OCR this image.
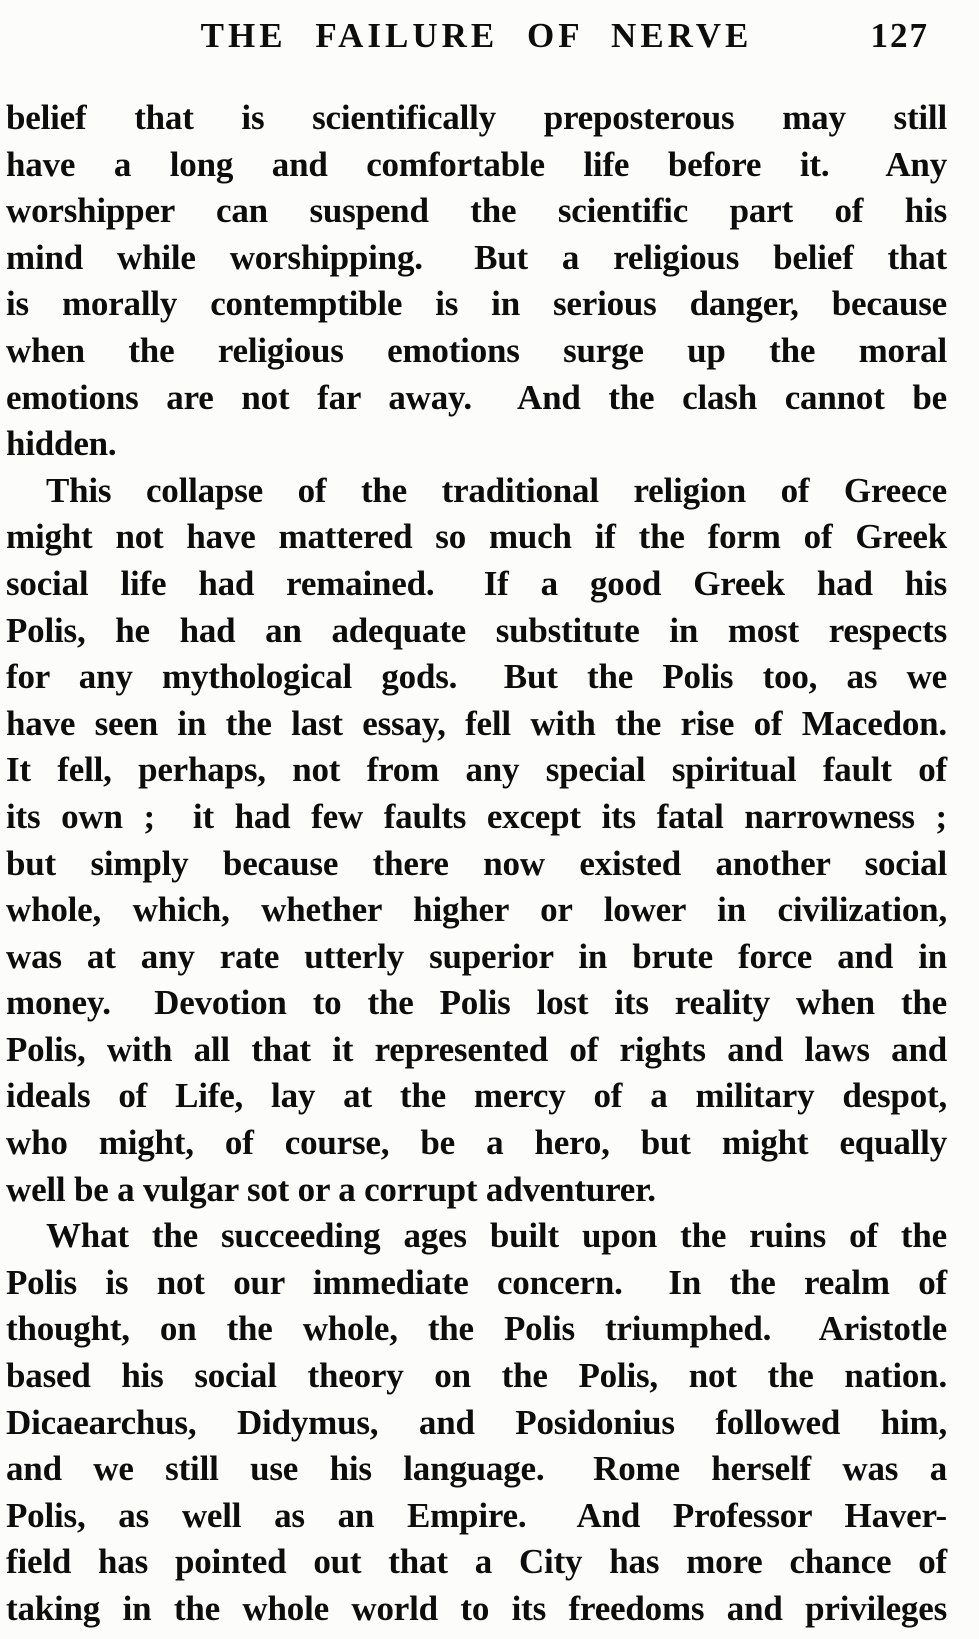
THE FAILURE OF NERVE	127
belief that is scientifically preposterous may still
have a long and comfortable life before it.  Any
worshipper can suspend the scientific part of his
mind while worshipping.  But a religious belief that
is morally contemptible is in serious danger, because
when the religious emotions surge up the moral
emotions are not far away.  And the clash cannot be
hidden.
This collapse of the traditional religion of Greece
might not have mattered so much if the form of Greek
social life had remained.  If a good Greek had his
Polis, he had an adequate substitute in most respects
for any mythological gods.  But the Polis too, as we
have seen in the last essay, fell with the rise of Macedon.
It fell, perhaps, not from any special spiritual fault of
its own ;  it had few faults except its fatal narrowness ;
but simply because there now existed another social
whole, which, whether higher or lower in civilization,
was at any rate utterly superior in brute force and in
money.  Devotion to the Polis lost its reality when the
Polis, with all that it represented of rights and laws and
ideals of Life, lay at the mercy of a military despot,
who might, of course, be a hero, but might equally
well be a vulgar sot or a corrupt adventurer.
What the succeeding ages built upon the ruins of the
Polis is not our immediate concern.  In the realm of
thought, on the whole, the Polis triumphed.  Aristotle
based his social theory on the Polis, not the nation.
Dicaearchus, Didymus, and Posidonius followed him,
and we still use his language.  Rome herself was a
Polis, as well as an Empire.  And Professor Haver-
field has pointed out that a City has more chance of
taking in the whole world to its freedoms and privileges
